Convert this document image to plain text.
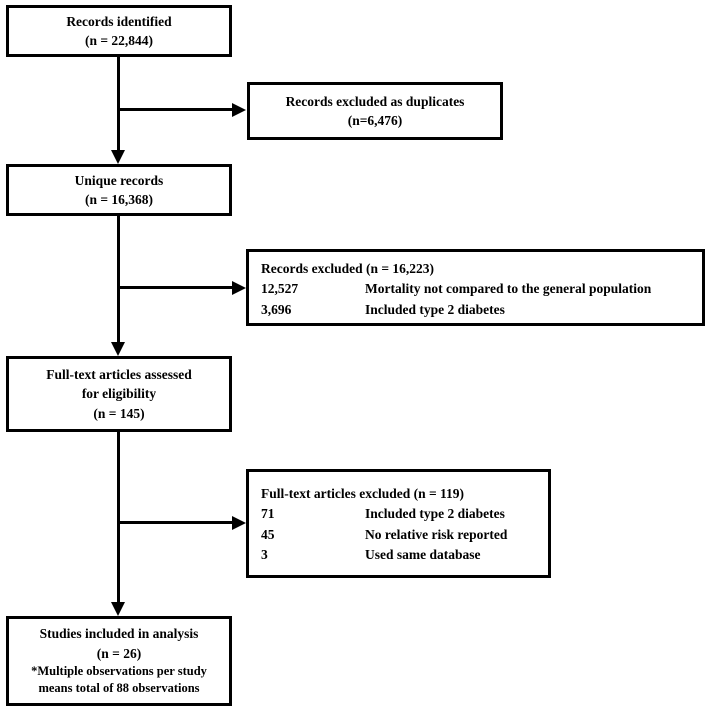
Records identified
(n = 22,844)
Records excluded as duplicates
(n=6,476)
Unique records
(n = 16,368)
Records excluded (n = 16,223)
12,527	Mortality not compared to the general population
3,696	Included type 2 diabetes
Full-text articles assessed
for eligibility
(n = 145)
Full-text articles excluded (n = 119)
71	Included type 2 diabetes
45	No relative risk reported
3	Used same database
Studies included in analysis
(n = 26)
*Multiple observations per study
means total of 88 observations
